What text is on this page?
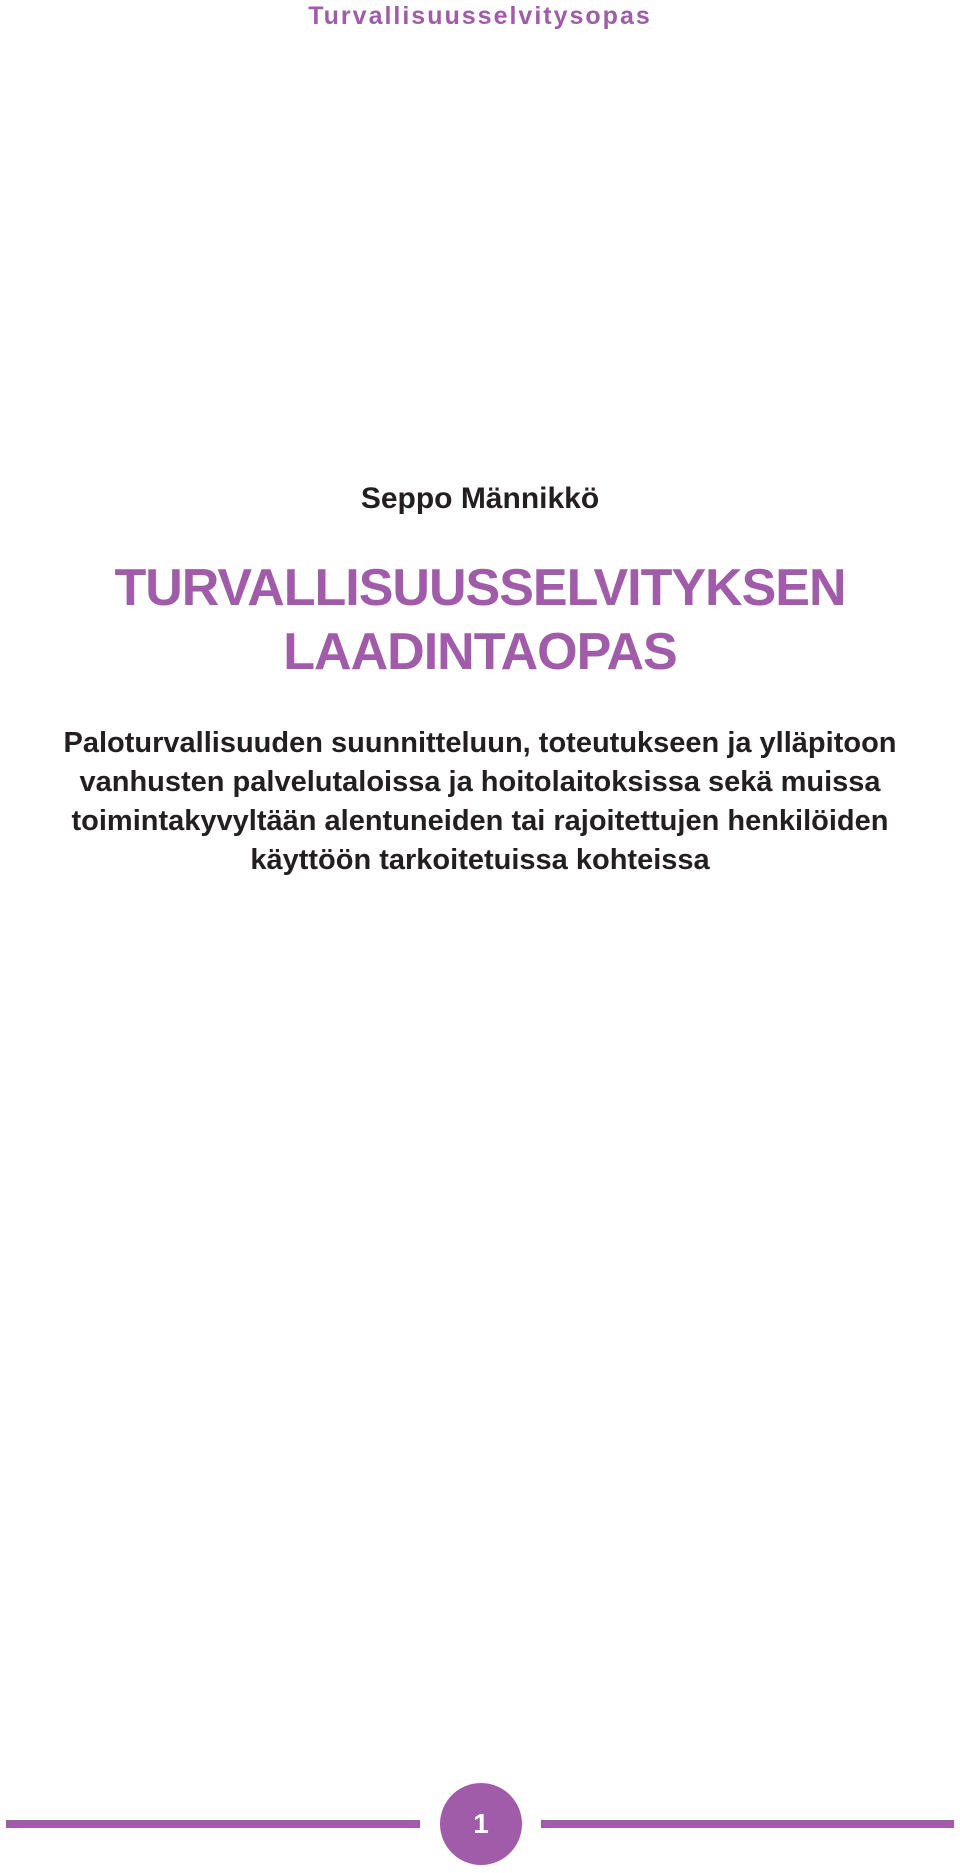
Turvallisuusselvitysopas
Seppo Männikkö
TURVALLISUUSSELVITYKSEN
LAADINTAOPAS
Paloturvallisuuden suunnitteluun, toteutukseen ja ylläpitoon
vanhusten palvelutaloissa ja hoitolaitoksissa sekä muissa
toimintakyvyltään alentuneiden tai rajoitettujen henkilöiden
käyttöön tarkoitetuissa kohteissa
1
